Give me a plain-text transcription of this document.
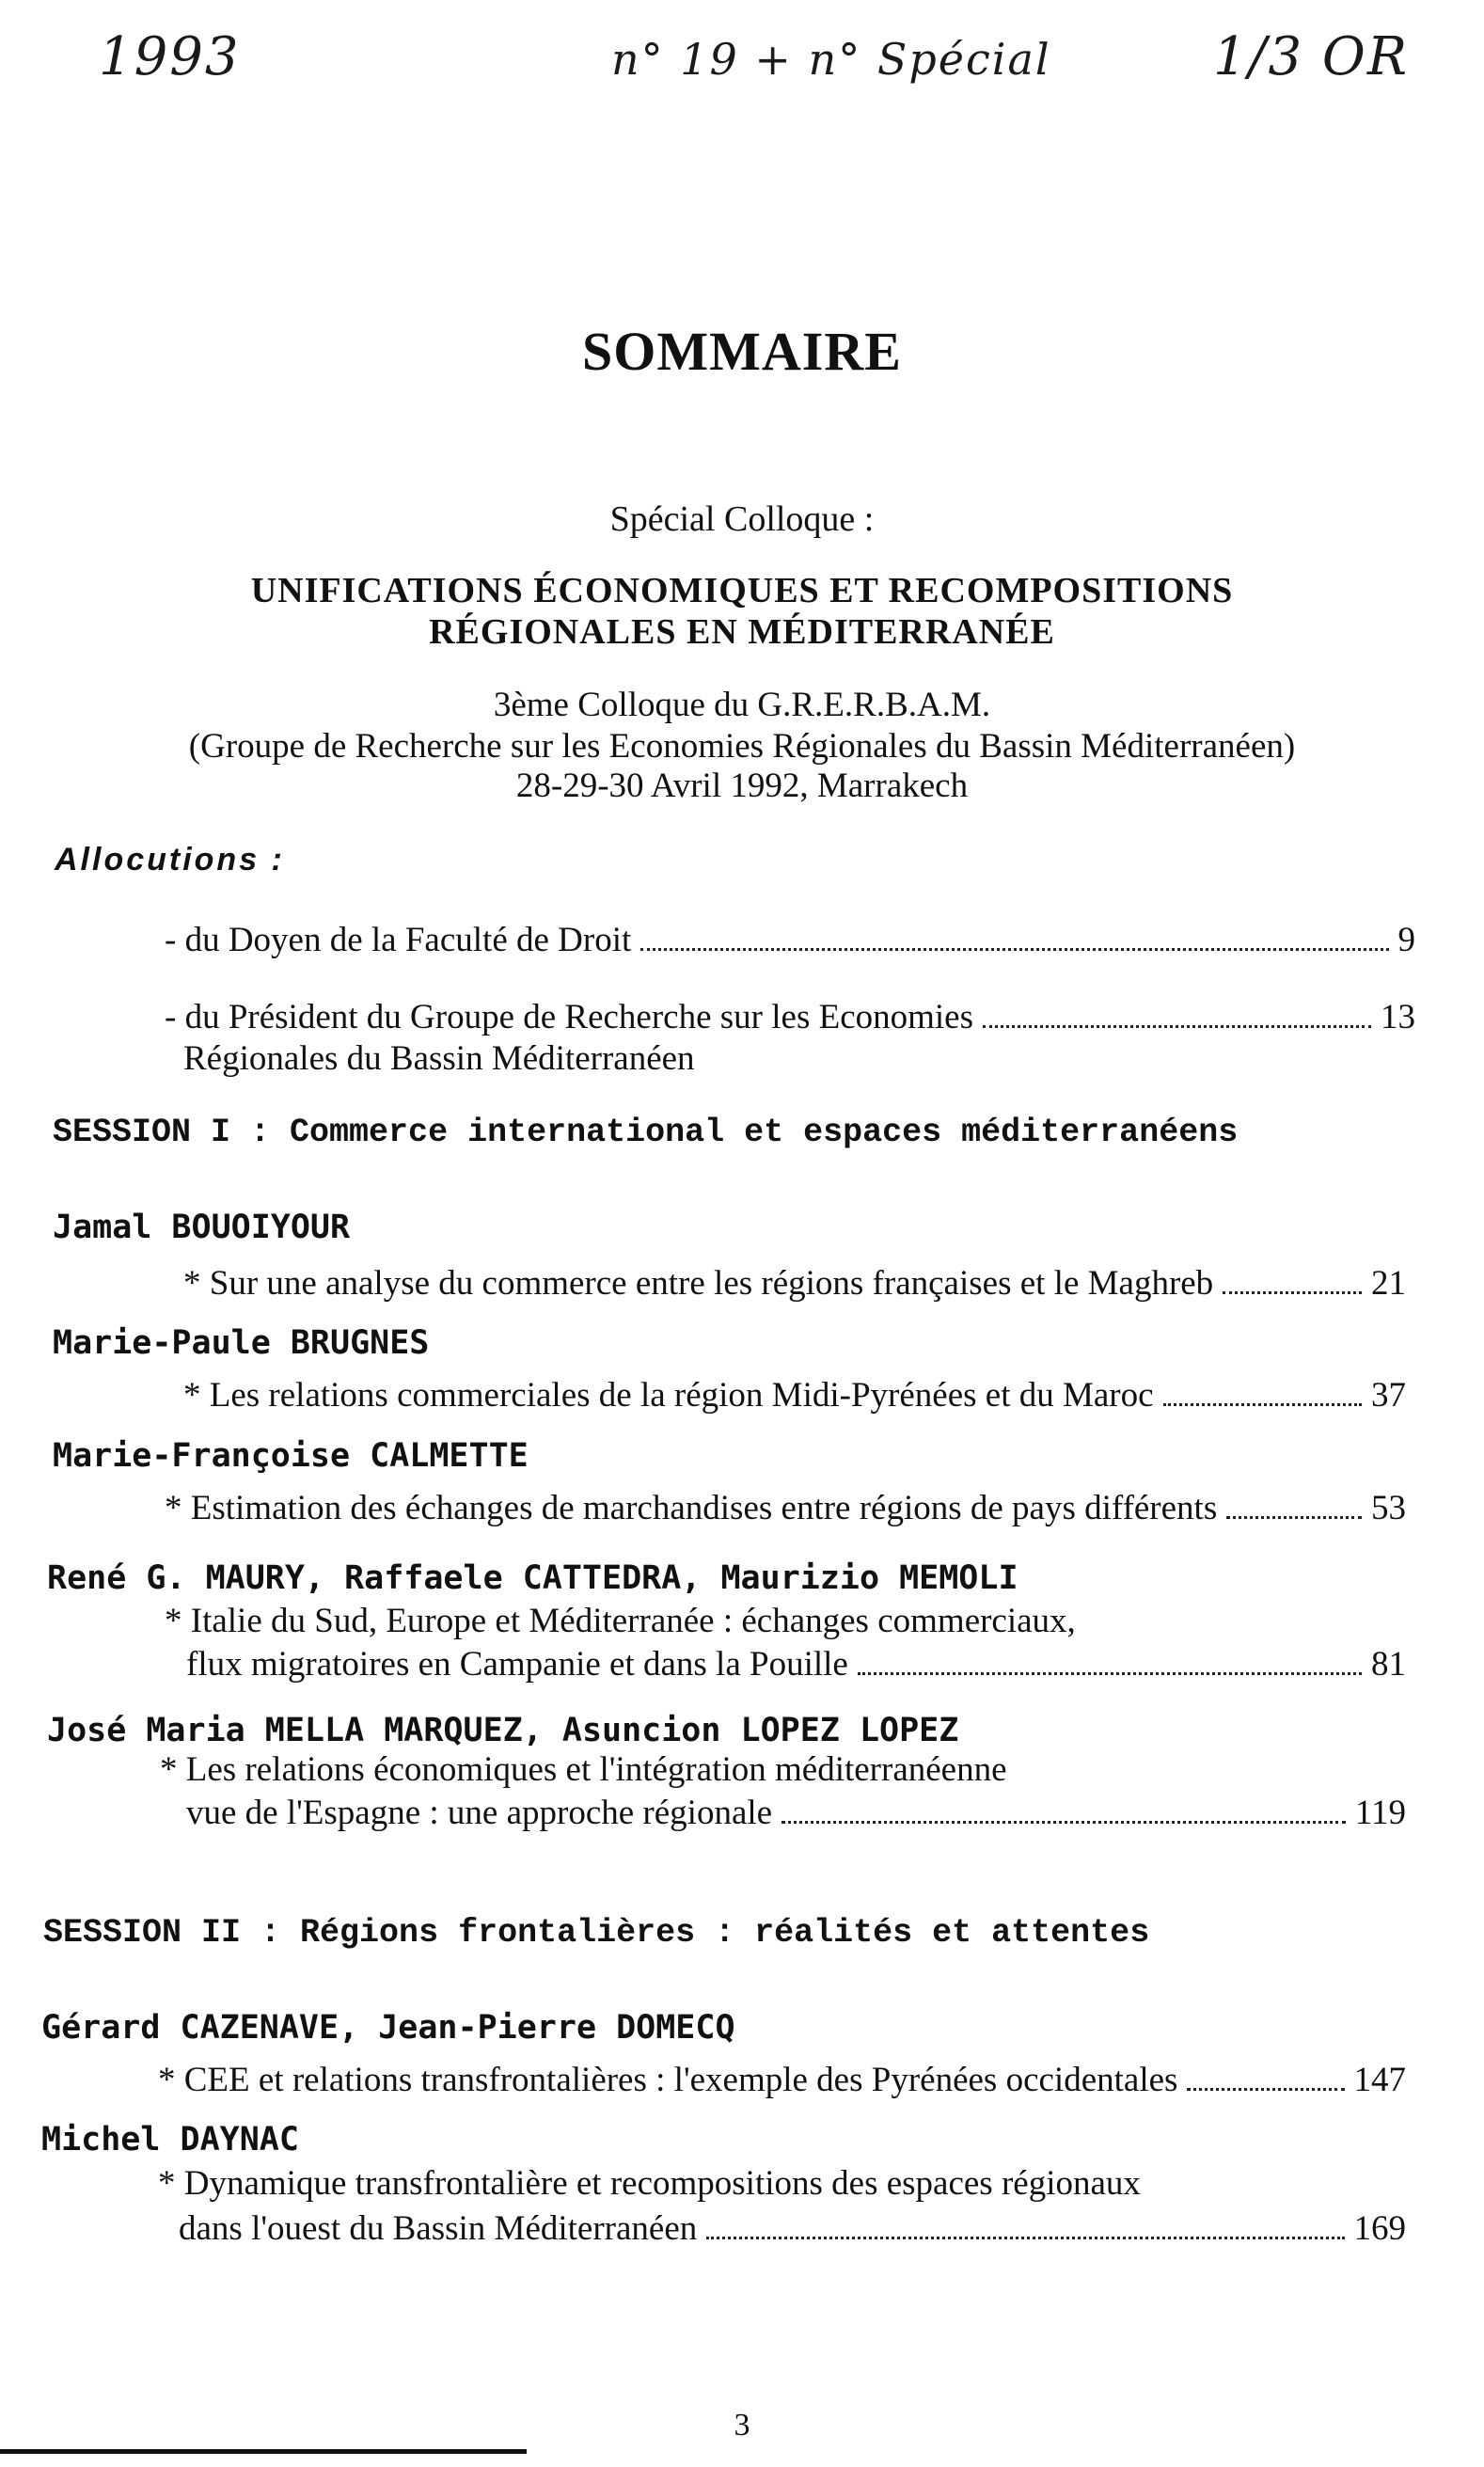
1993	n° 19 + n° Spécial	1/3 OR
SOMMAIRE
Spécial Colloque :
UNIFICATIONS ÉCONOMIQUES ET RECOMPOSITIONS
RÉGIONALES EN MÉDITERRANÉE
3ème Colloque du G.R.E.R.B.A.M.
(Groupe de Recherche sur les Economies Régionales du Bassin Méditerranéen)
28-29-30 Avril 1992, Marrakech
Allocutions :
- du Doyen de la Faculté de Droit	9
- du Président du Groupe de Recherche sur les Economies	13
Régionales du Bassin Méditerranéen
SESSION I : Commerce international et espaces méditerranéens
Jamal BOUOIYOUR
* Sur une analyse du commerce entre les régions françaises et le Maghreb	21
Marie-Paule BRUGNES
* Les relations commerciales de la région Midi-Pyrénées et du Maroc	37
Marie-Françoise CALMETTE
* Estimation des échanges de marchandises entre régions de pays différents	53
René G. MAURY, Raffaele CATTEDRA, Maurizio MEMOLI
* Italie du Sud, Europe et Méditerranée : échanges commerciaux,
flux migratoires en Campanie et dans la Pouille	81
José Maria MELLA MARQUEZ, Asuncion LOPEZ LOPEZ
* Les relations économiques et l'intégration méditerranéenne
vue de l'Espagne : une approche régionale	119
SESSION II : Régions frontalières : réalités et attentes
Gérard CAZENAVE, Jean-Pierre DOMECQ
* CEE et relations transfrontalières : l'exemple des Pyrénées occidentales	147
Michel DAYNAC
* Dynamique transfrontalière et recompositions des espaces régionaux
dans l'ouest du Bassin Méditerranéen	169
3
